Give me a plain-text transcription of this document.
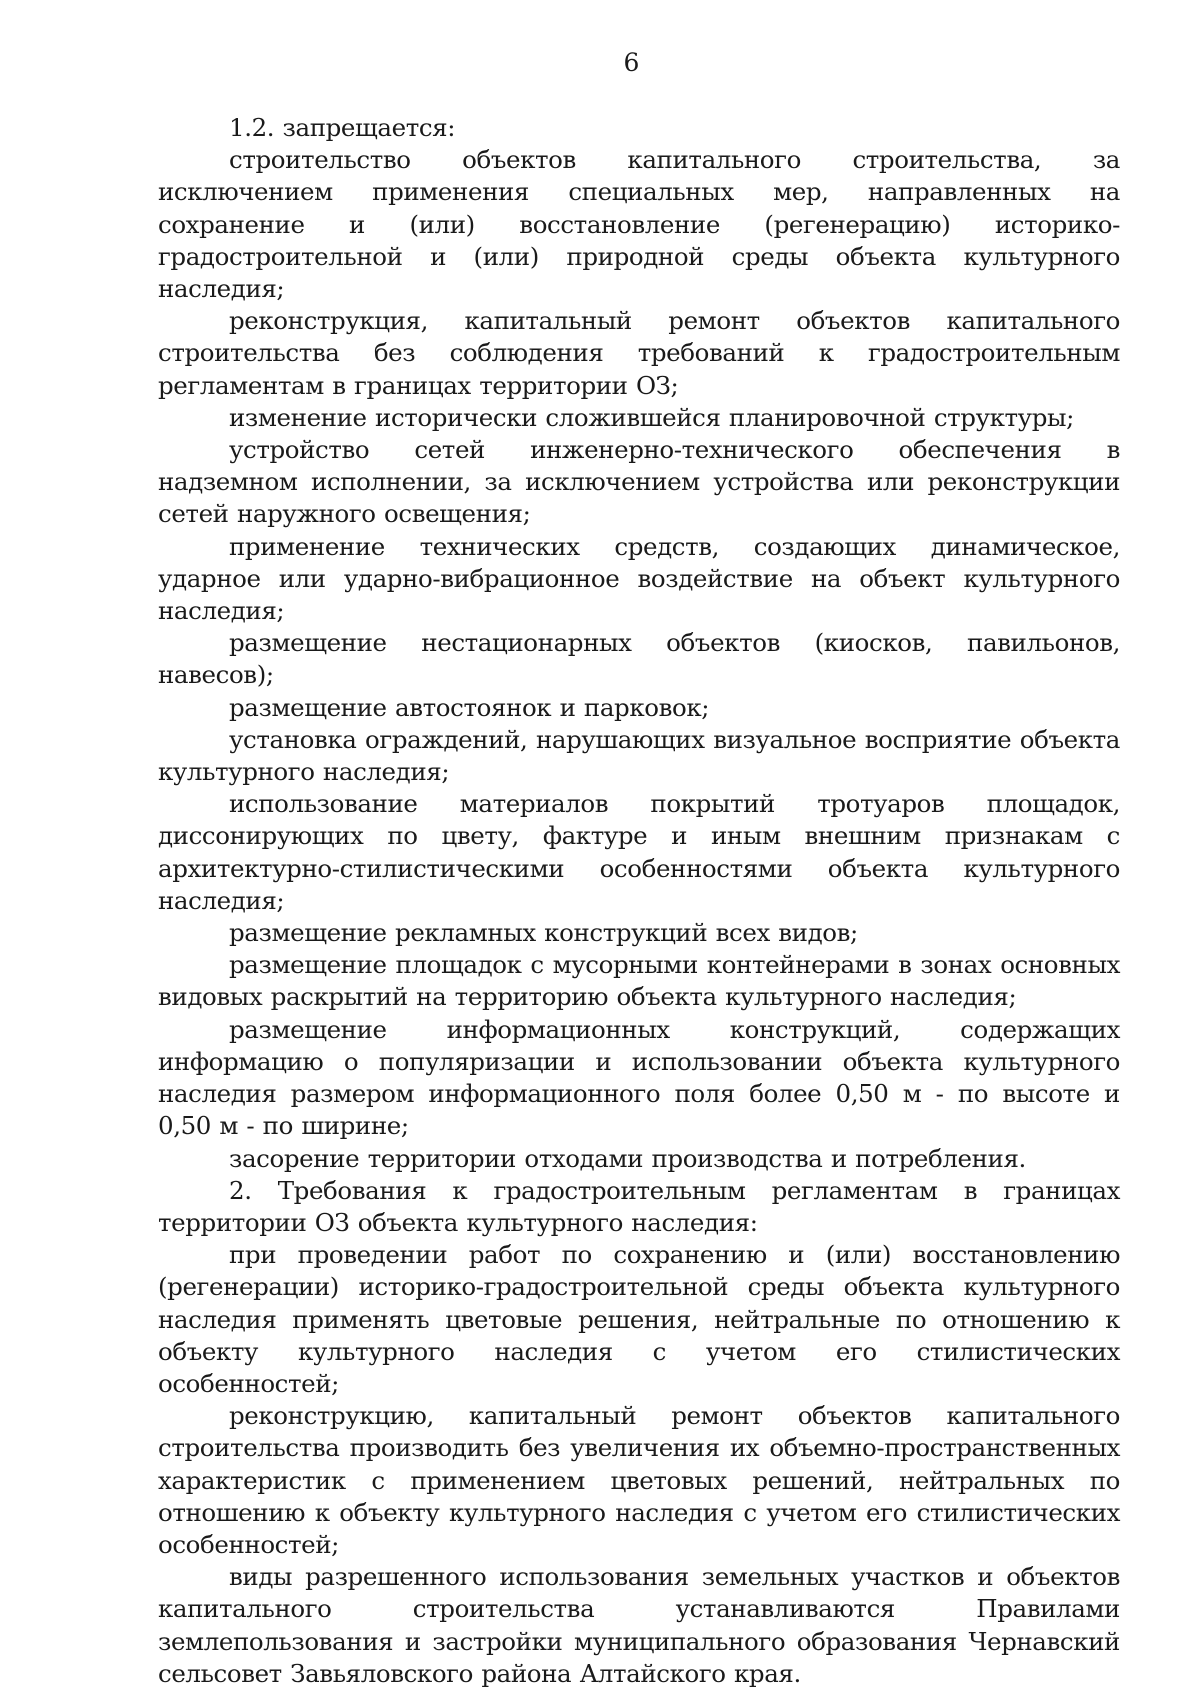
6

1.2. запрещается:

строительство объектов капитального строительства, за исключением применения специальных мер, направленных на сохранение и (или) восстановление (регенерацию) историко-градостроительной и (или) природной среды объекта культурного наследия;

реконструкция, капитальный ремонт объектов капитального строительства без соблюдения требований к градостроительным регламентам в границах территории ОЗ;

изменение исторически сложившейся планировочной структуры;

устройство сетей инженерно-технического обеспечения в надземном исполнении, за исключением устройства или реконструкции сетей наружного освещения;

применение технических средств, создающих динамическое, ударное или ударно-вибрационное воздействие на объект культурного наследия;

размещение нестационарных объектов (киосков, павильонов, навесов);

размещение автостоянок и парковок;

установка ограждений, нарушающих визуальное восприятие объекта культурного наследия;

использование материалов покрытий тротуаров площадок, диссонирующих по цвету, фактуре и иным внешним признакам с архитектурно-стилистическими особенностями объекта культурного наследия;

размещение рекламных конструкций всех видов;

размещение площадок с мусорными контейнерами в зонах основных видовых раскрытий на территорию объекта культурного наследия;

размещение информационных конструкций, содержащих информацию о популяризации и использовании объекта культурного наследия размером информационного поля более 0,50 м - по высоте и 0,50 м - по ширине;

засорение территории отходами производства и потребления.

2. Требования к градостроительным регламентам в границах территории ОЗ объекта культурного наследия:

при проведении работ по сохранению и (или) восстановлению (регенерации) историко-градостроительной среды объекта культурного наследия применять цветовые решения, нейтральные по отношению к объекту культурного наследия с учетом его стилистических особенностей;

реконструкцию, капитальный ремонт объектов капитального строительства производить без увеличения их объемно-пространственных характеристик с применением цветовых решений, нейтральных по отношению к объекту культурного наследия с учетом его стилистических особенностей;

виды разрешенного использования земельных участков и объектов капитального строительства устанавливаются Правилами землепользования и застройки муниципального образования Чернавский сельсовет Завьяловского района Алтайского края.
